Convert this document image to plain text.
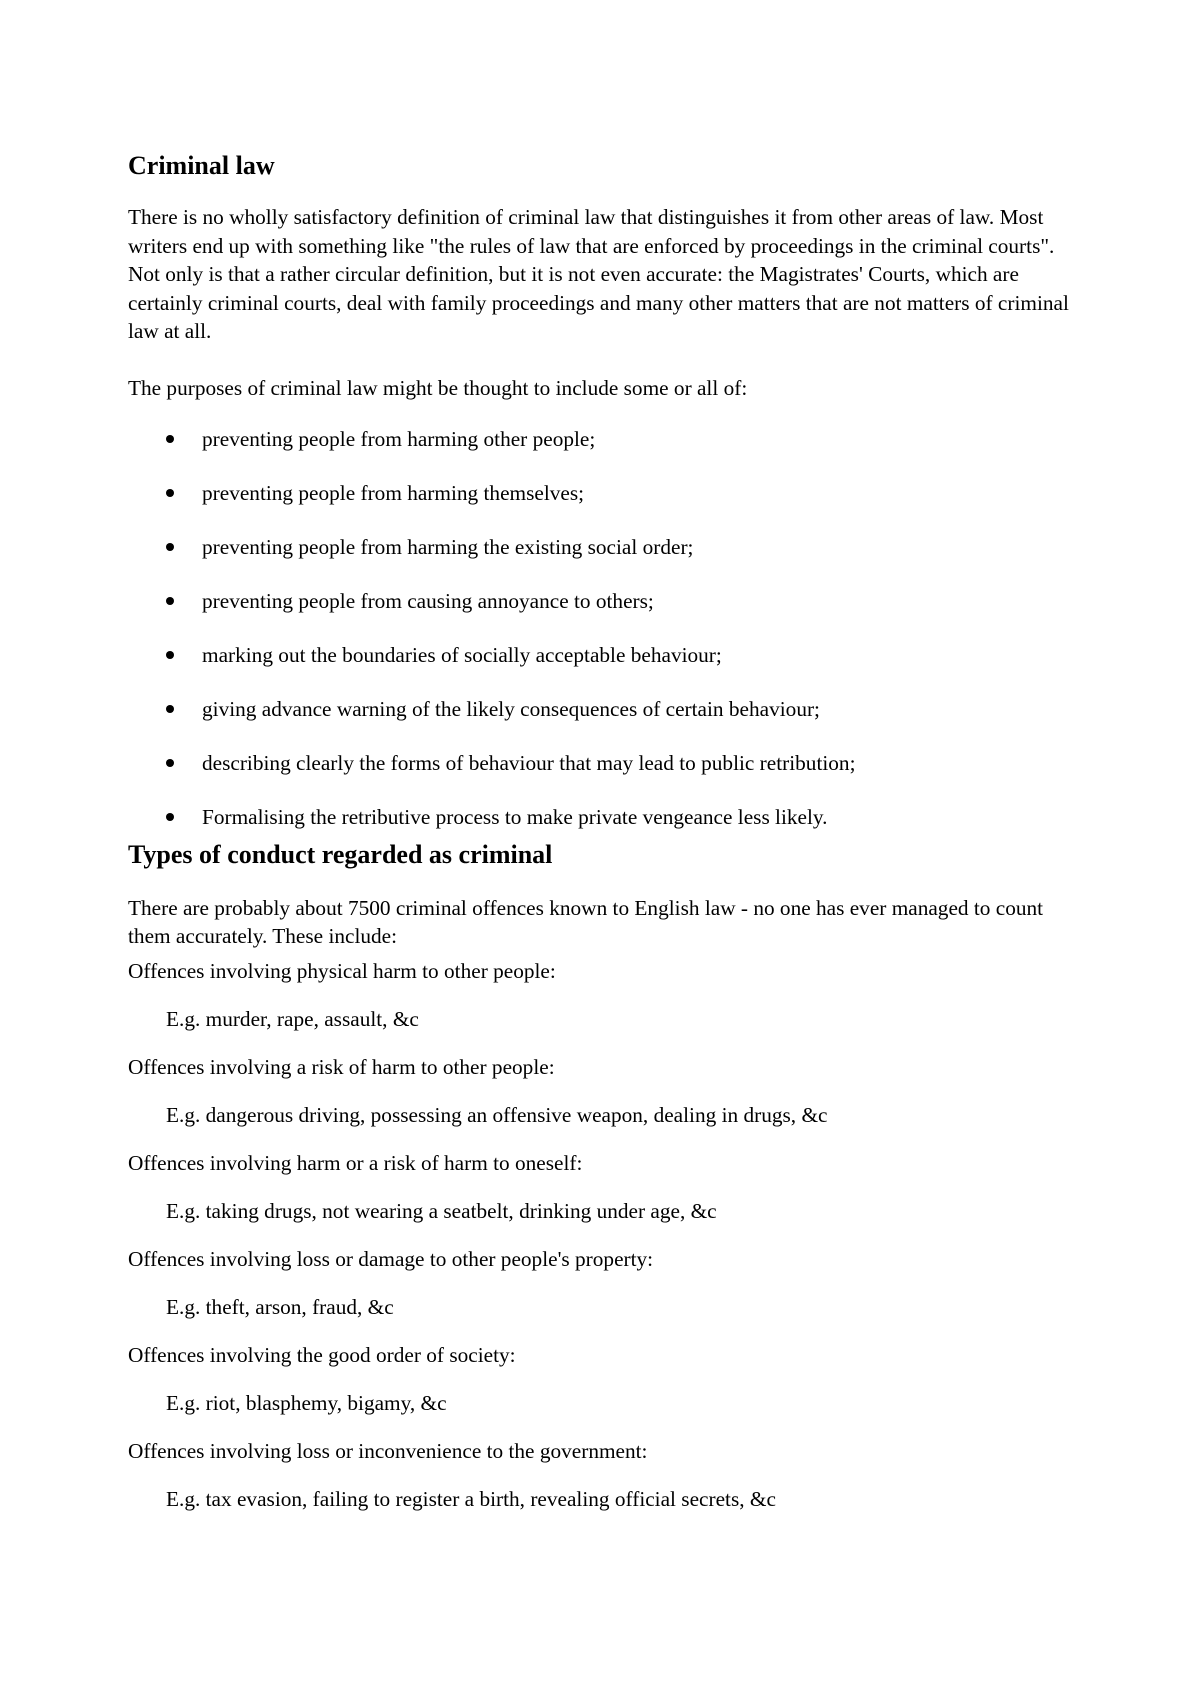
Criminal law

There is no wholly satisfactory definition of criminal law that distinguishes it from other areas of law. Most writers end up with something like "the rules of law that are enforced by proceedings in the criminal courts". Not only is that a rather circular definition, but it is not even accurate: the Magistrates' Courts, which are certainly criminal courts, deal with family proceedings and many other matters that are not matters of criminal law at all.

The purposes of criminal law might be thought to include some or all of:

preventing people from harming other people;
preventing people from harming themselves;
preventing people from harming the existing social order;
preventing people from causing annoyance to others;
marking out the boundaries of socially acceptable behaviour;
giving advance warning of the likely consequences of certain behaviour;
describing clearly the forms of behaviour that may lead to public retribution;
Formalising the retributive process to make private vengeance less likely.
Types of conduct regarded as criminal

There are probably about 7500 criminal offences known to English law - no one has ever managed to count them accurately. These include:

Offences involving physical harm to other people:

E.g. murder, rape, assault, &c

Offences involving a risk of harm to other people:

E.g. dangerous driving, possessing an offensive weapon, dealing in drugs, &c

Offences involving harm or a risk of harm to oneself:

E.g. taking drugs, not wearing a seatbelt, drinking under age, &c

Offences involving loss or damage to other people's property:

E.g. theft, arson, fraud, &c

Offences involving the good order of society:

E.g. riot, blasphemy, bigamy, &c

Offences involving loss or inconvenience to the government:

E.g. tax evasion, failing to register a birth, revealing official secrets, &c
